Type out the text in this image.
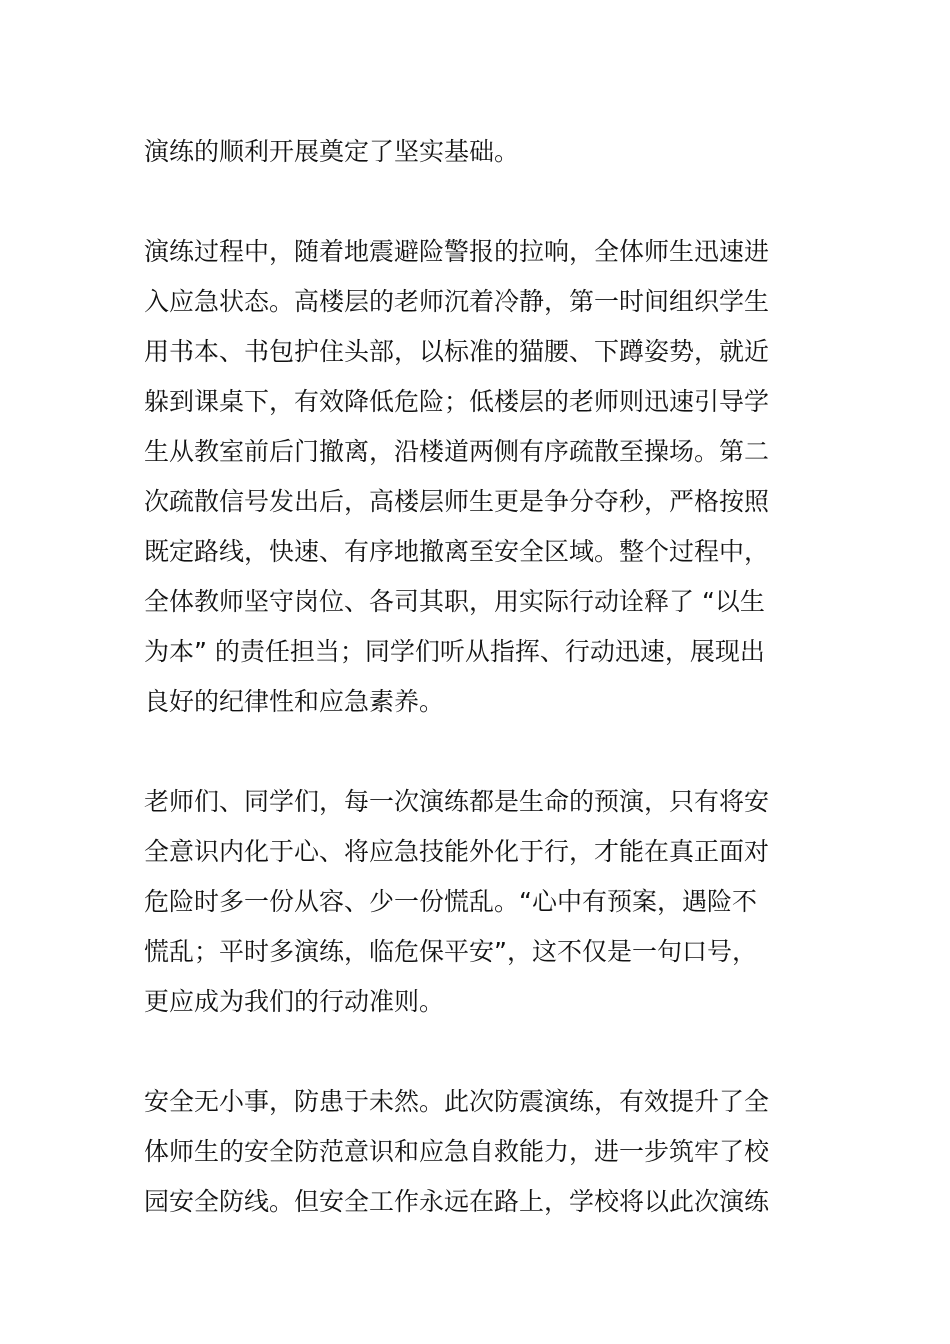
演练的顺利开展奠定了坚实基础。

演练过程中，随着地震避险警报的拉响，全体师生迅速进
入应急状态。高楼层的老师沉着冷静，第一时间组织学生
用书本、书包护住头部，以标准的猫腰、下蹲姿势，就近
躲到课桌下，有效降低危险；低楼层的老师则迅速引导学
生从教室前后门撤离，沿楼道两侧有序疏散至操场。第二
次疏散信号发出后，高楼层师生更是争分夺秒，严格按照
既定路线，快速、有序地撤离至安全区域。整个过程中，
全体教师坚守岗位、各司其职，用实际行动诠释了 “以生
为本” 的责任担当；同学们听从指挥、行动迅速，展现出
良好的纪律性和应急素养。

老师们、同学们，每一次演练都是生命的预演，只有将安
全意识内化于心、将应急技能外化于行，才能在真正面对
危险时多一份从容、少一份慌乱。“心中有预案，遇险不
慌乱；平时多演练，临危保平安”，这不仅是一句口号，
更应成为我们的行动准则。

安全无小事，防患于未然。此次防震演练，有效提升了全
体师生的安全防范意识和应急自救能力，进一步筑牢了校
园安全防线。但安全工作永远在路上，学校将以此次演练
